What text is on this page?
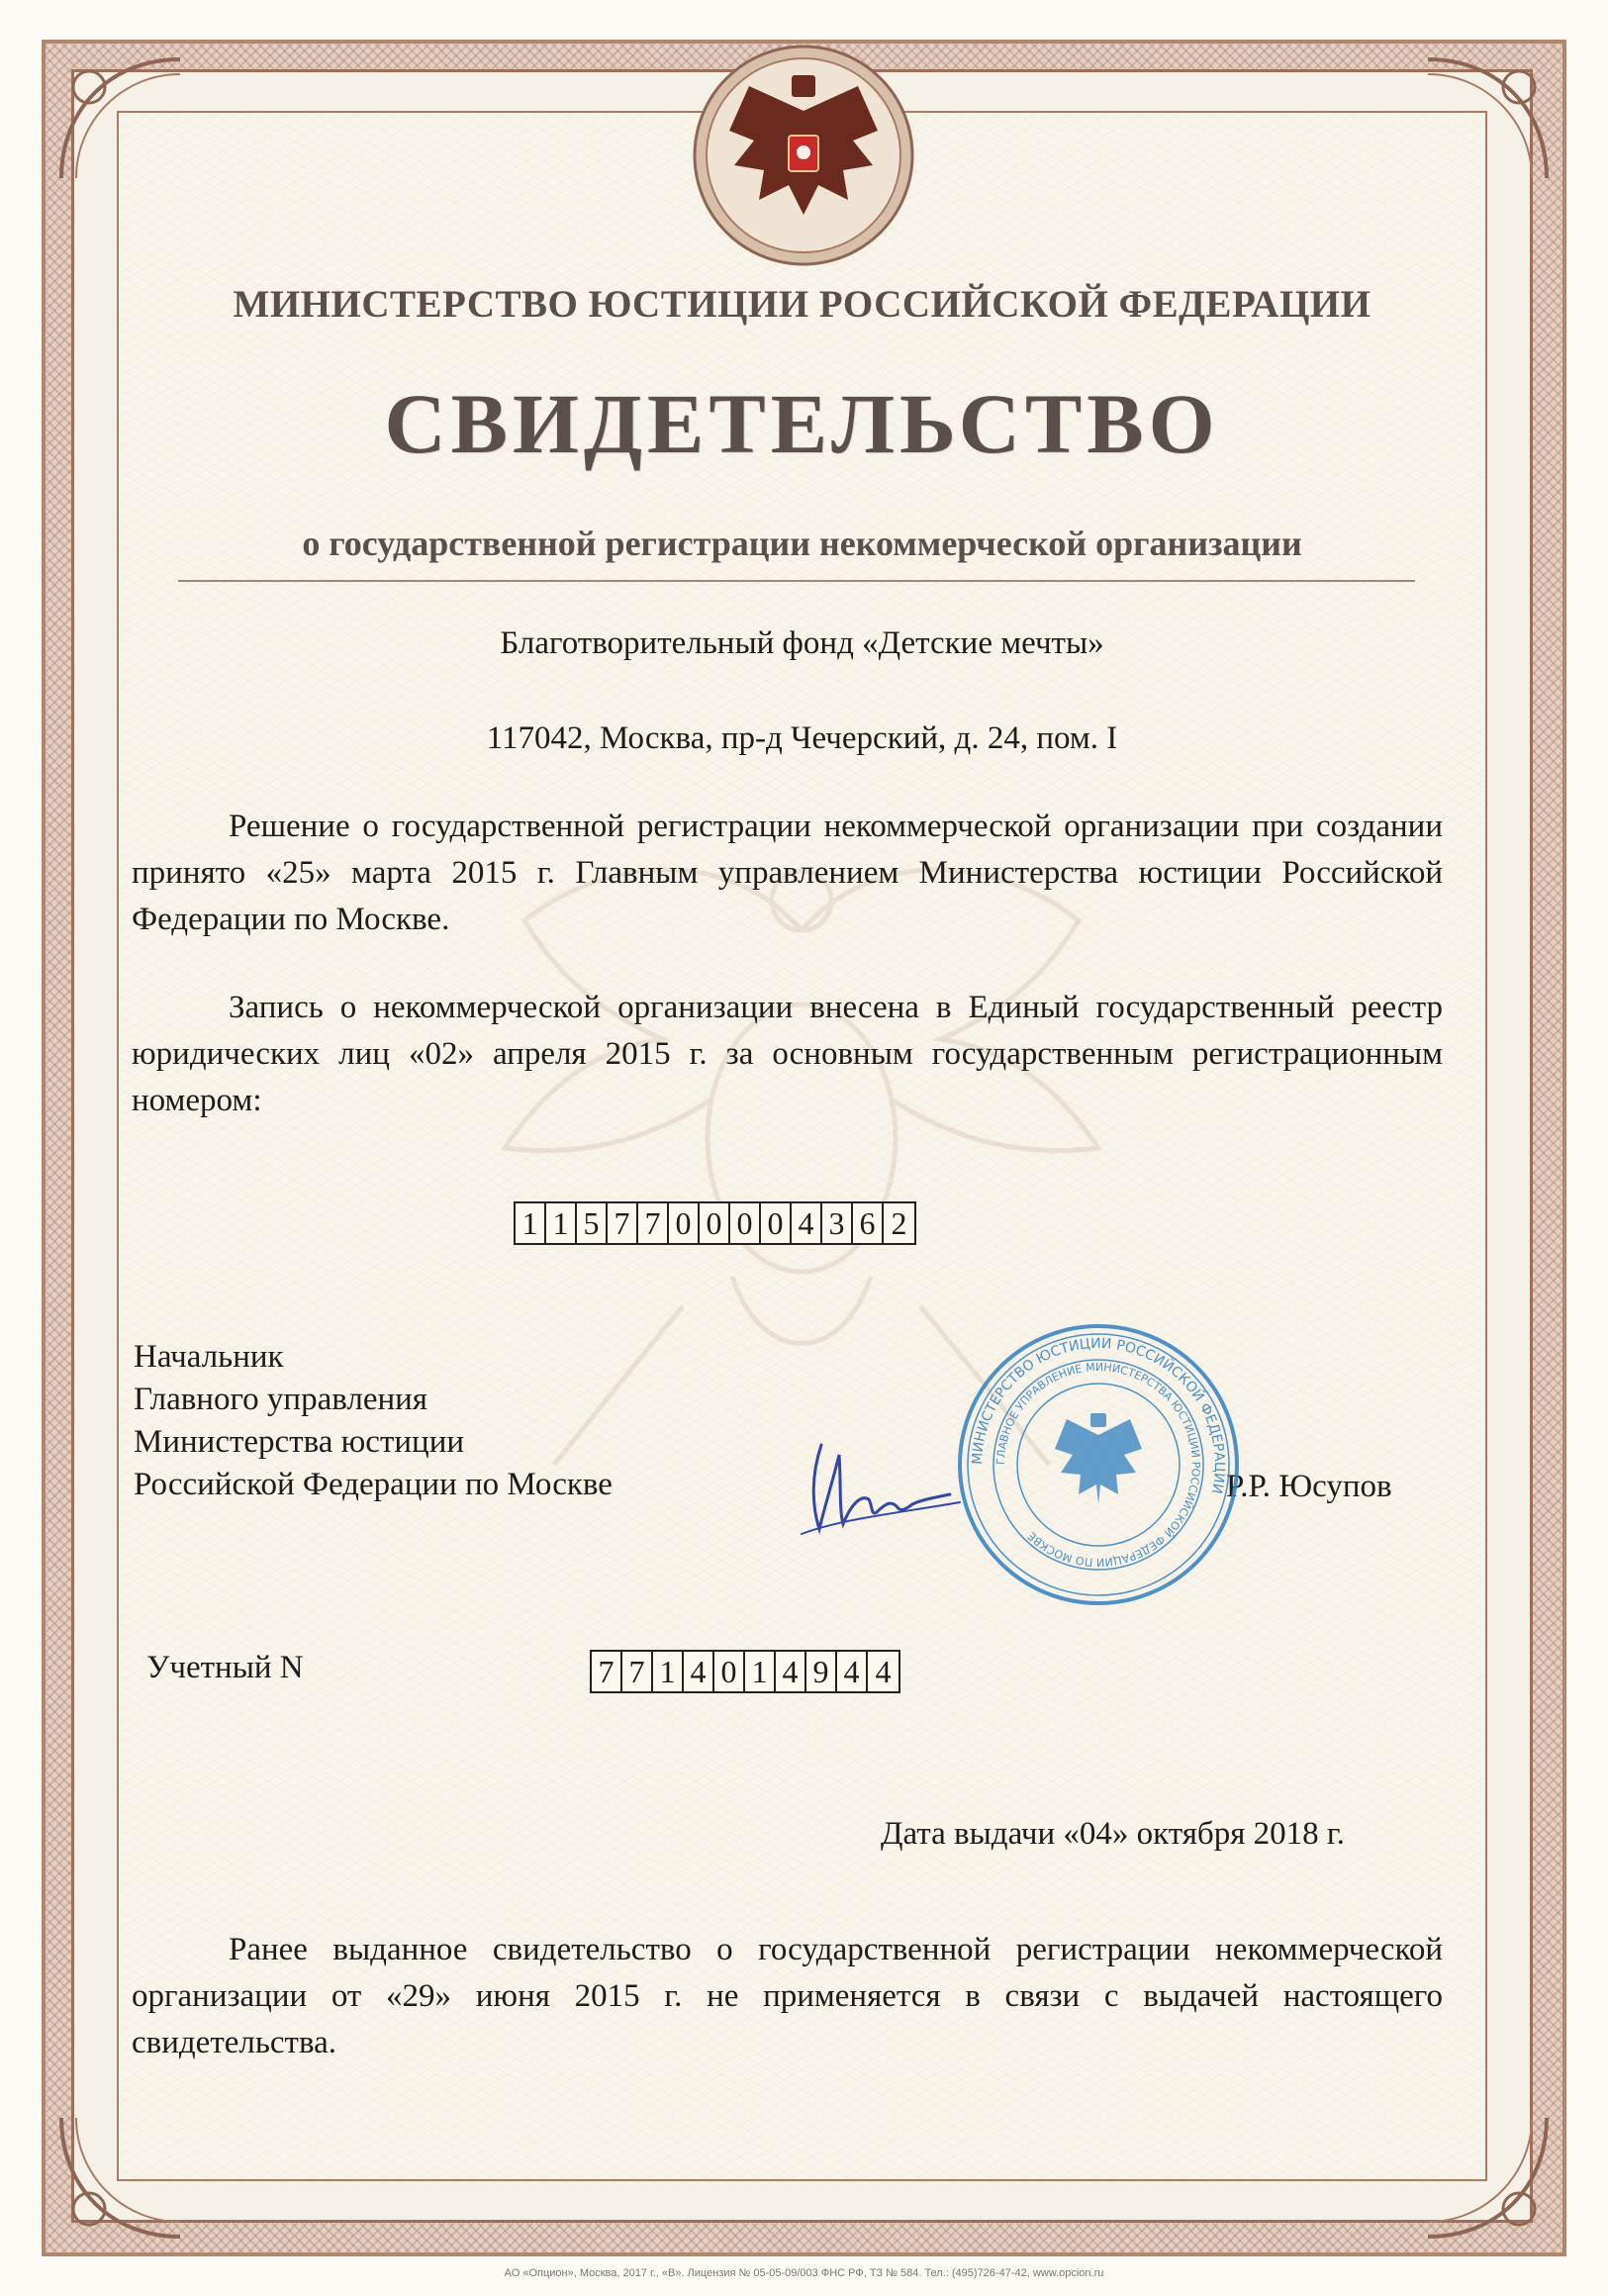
МИНИСТЕРСТВО ЮСТИЦИИ РОССИЙСКОЙ ФЕДЕРАЦИИ
СВИДЕТЕЛЬСТВО
о государственной регистрации некоммерческой организации
Благотворительный фонд «Детские мечты»
117042, Москва, пр-д Чечерский, д. 24, пом. I
Решение о государственной регистрации некоммерческой организации при создании принято «25» марта 2015 г. Главным управлением Министерства юстиции Российской Федерации по Москве.
Запись о некоммерческой организации внесена в Единый государственный реестр юридических лиц «02» апреля 2015 г. за основным государственным регистрационным номером:
1 1 5 7 7 0 0 0 0 4 3 6 2
Начальник
Главного управления
Министерства юстиции
Российской Федерации по Москве	Р.Р. Юсупов
МИНИСТЕРСТВО ЮСТИЦИИ РОССИЙСКОЙ ФЕДЕРАЦИИ
ГЛАВНОЕ УПРАВЛЕНИЕ МИНИСТЕРСТВА ЮСТИЦИИ РОССИЙСКОЙ ФЕДЕРАЦИИ ПО МОСКВЕ
Учетный N	7 7 1 4 0 1 4 9 4 4
Дата выдачи «04» октября 2018 г.
Ранее выданное свидетельство о государственной регистрации некоммерческой организации от «29» июня 2015 г. не применяется в связи с выдачей настоящего свидетельства.
АО «Опцион», Москва, 2017 г., «В». Лицензия № 05-05-09/003 ФНС РФ, ТЗ № 584. Тел.: (495)726-47-42, www.opcion.ru
